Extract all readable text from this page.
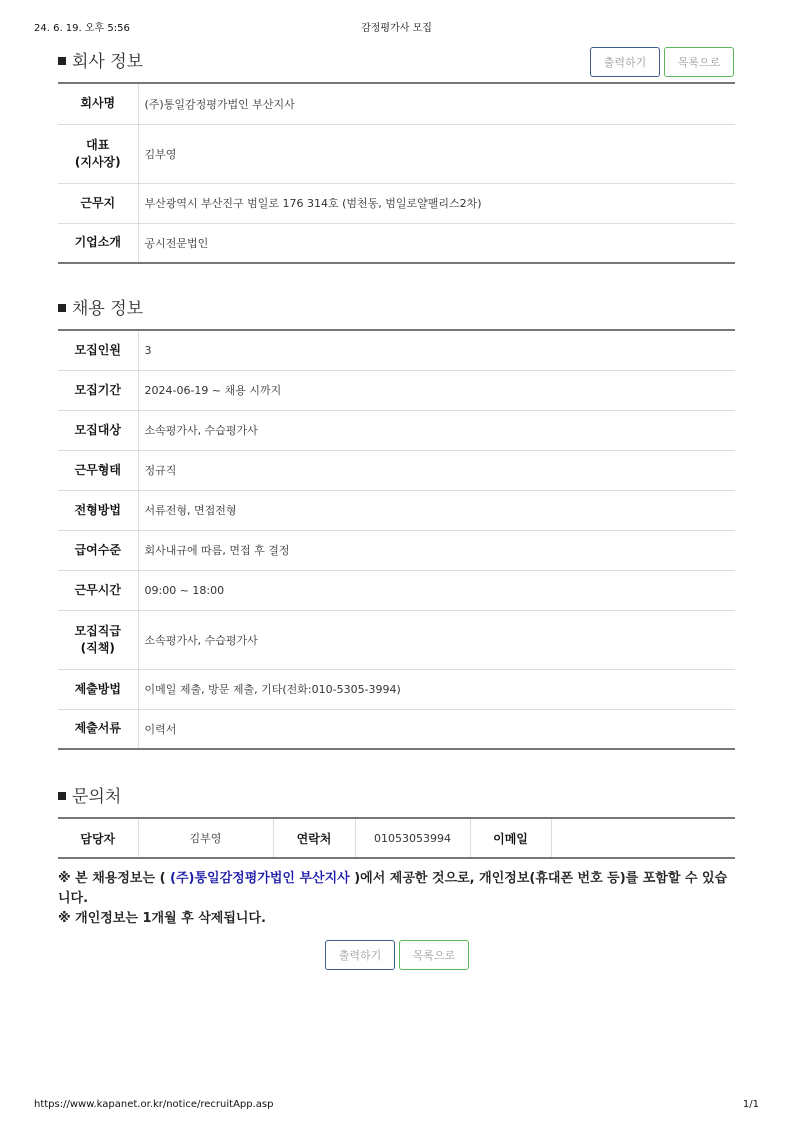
24. 6. 19. 오후 5:56	감정평가사 모집
회사 정보	출력하기	목록으로
회사명	(주)통일감정평가법인 부산지사
대표
(지사장)	김부영
근무지	부산광역시 부산진구 범일로 176 314호 (범천동, 범일로얄팰리스2차)
기업소개	공시전문법인
채용 정보
모집인원	3
모집기간	2024-06-19 ~ 채용 시까지
모집대상	소속평가사, 수습평가사
근무형태	정규직
전형방법	서류전형, 면접전형
급여수준	회사내규에 따름, 면접 후 결정
근무시간	09:00 ~ 18:00
모집직급
(직책)	소속평가사, 수습평가사
제출방법	이메일 제출, 방문 제출, 기타(전화:010-5305-3994)
제출서류	이력서
문의처
담당자	김부영	연락처	01053053994	이메일	
※ 본 채용정보는 ( (주)통일감정평가법인 부산지사 )에서 제공한 것으로, 개인정보(휴대폰 번호 등)를 포함할 수 있습니다.
※ 개인정보는 1개월 후 삭제됩니다.
출력하기	목록으로
https://www.kapanet.or.kr/notice/recruitApp.asp	1/1
